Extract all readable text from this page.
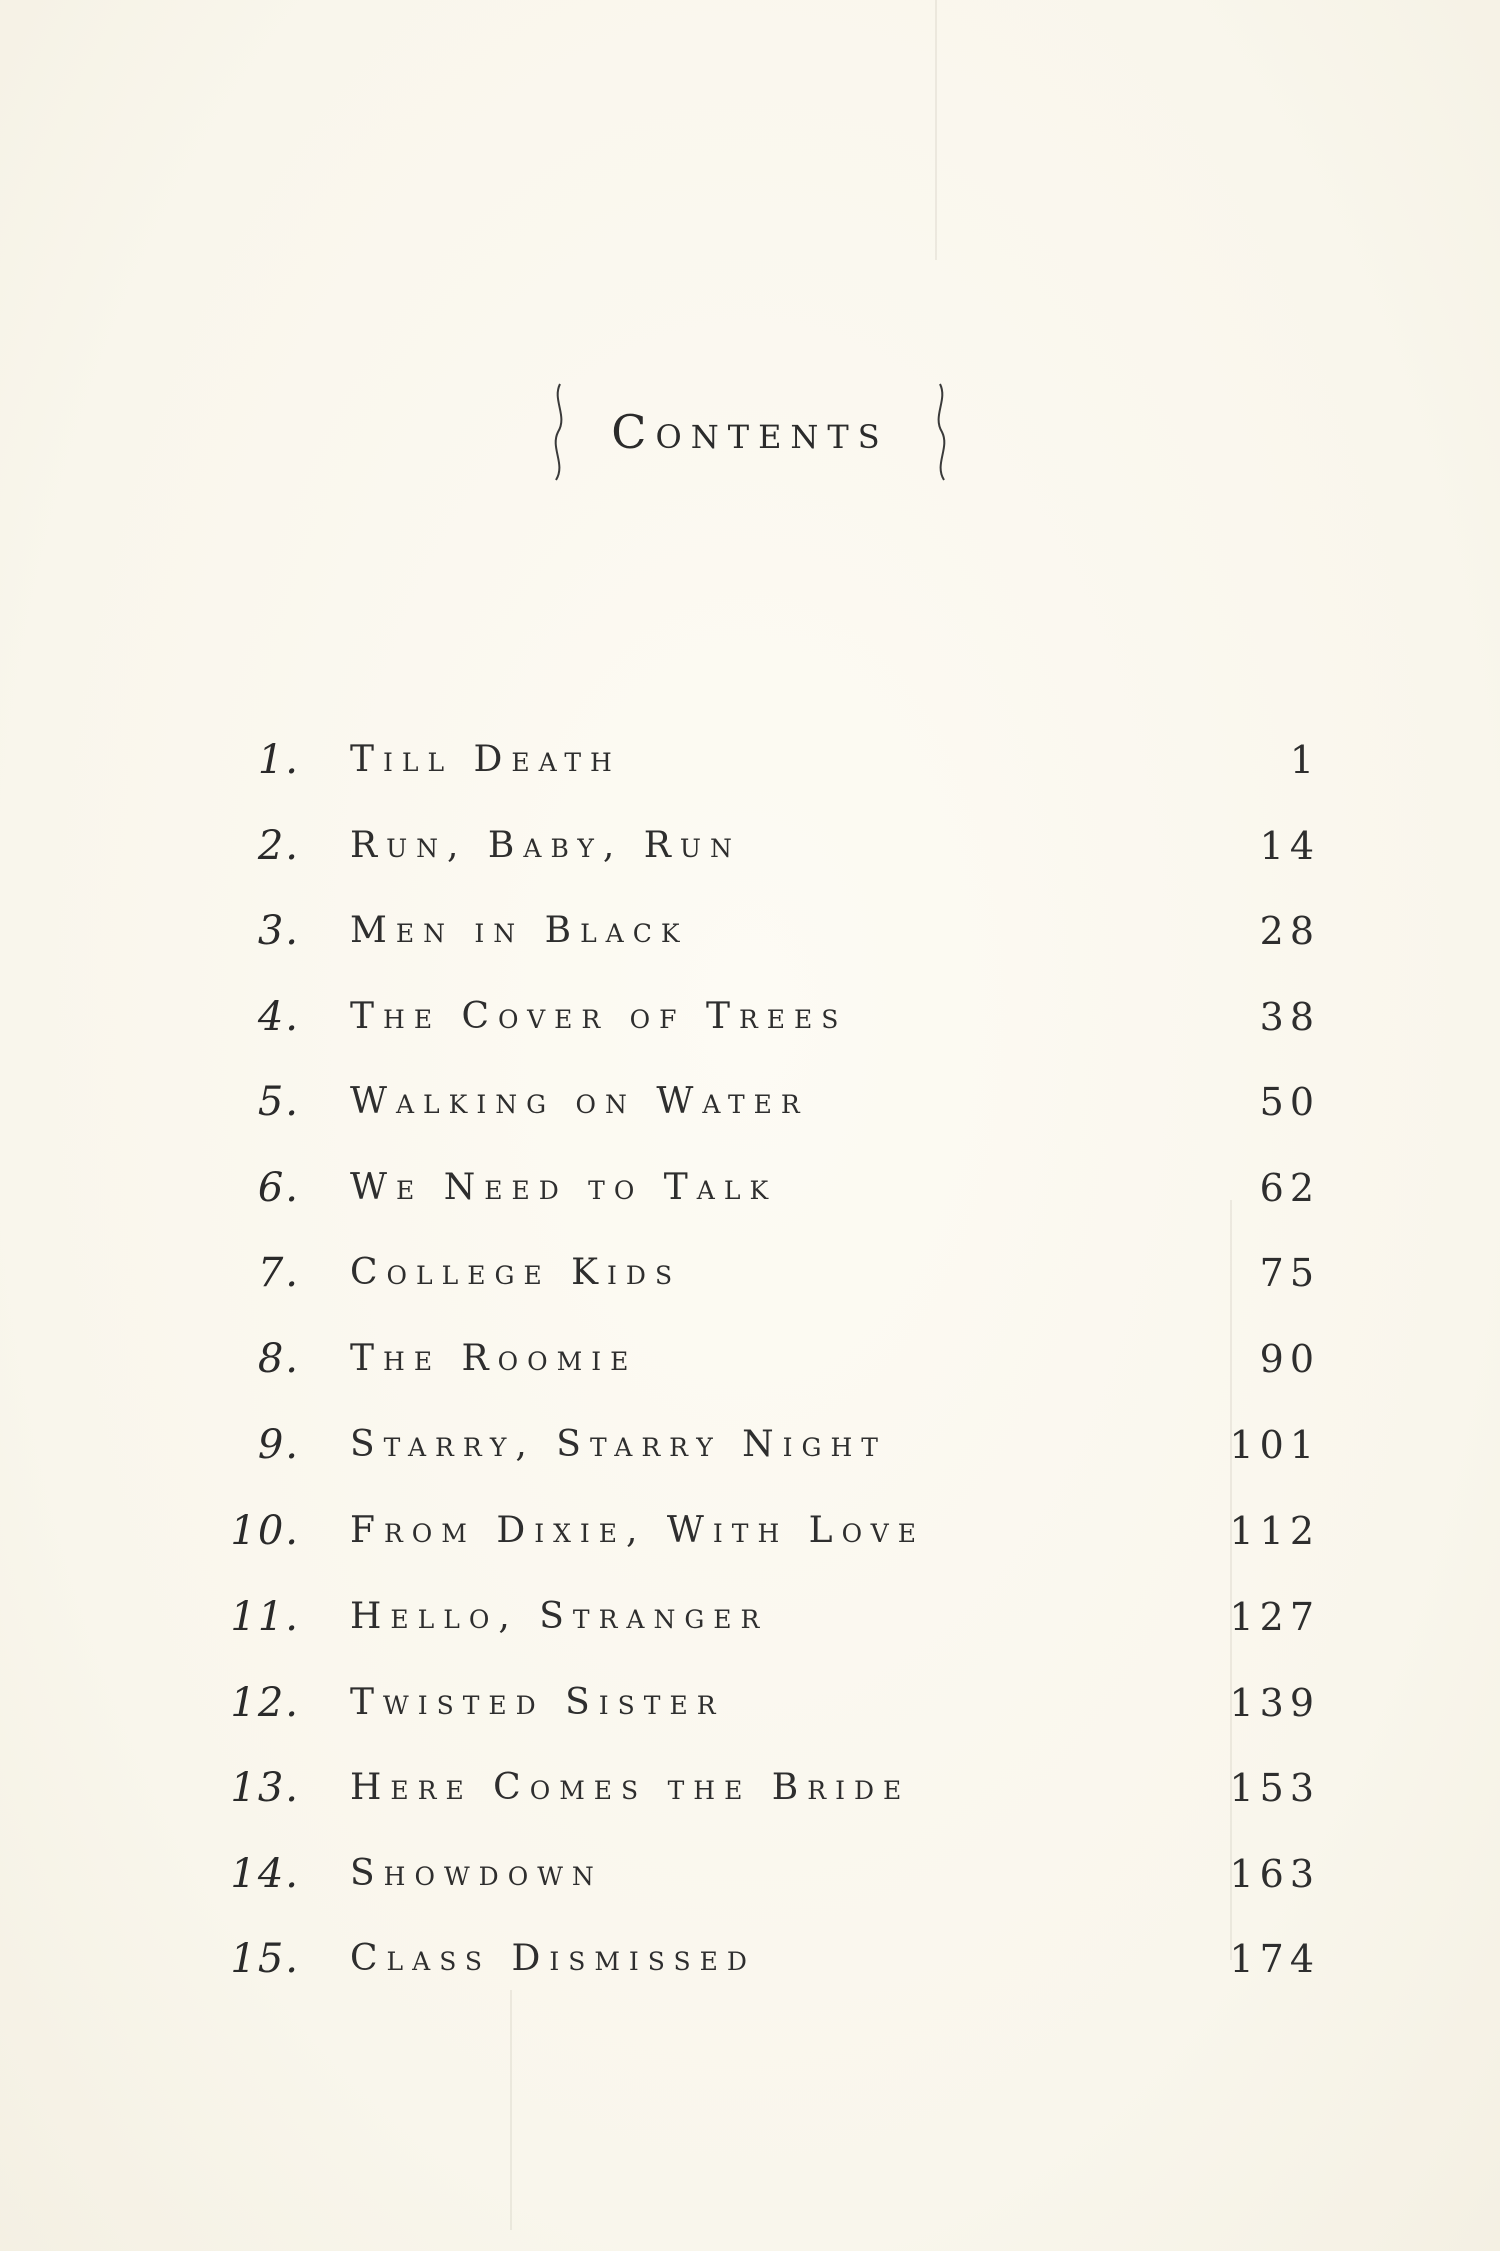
Contents
1. Till Death	1
2. Run, Baby, Run	14
3. Men in Black	28
4. The Cover of Trees	38
5. Walking on Water	50
6. We Need to Talk	62
7. College Kids	75
8. The Roomie	90
9. Starry, Starry Night	101
10. From Dixie, With Love	112
11. Hello, Stranger	127
12. Twisted Sister	139
13. Here Comes the Bride	153
14. Showdown	163
15. Class Dismissed	174
